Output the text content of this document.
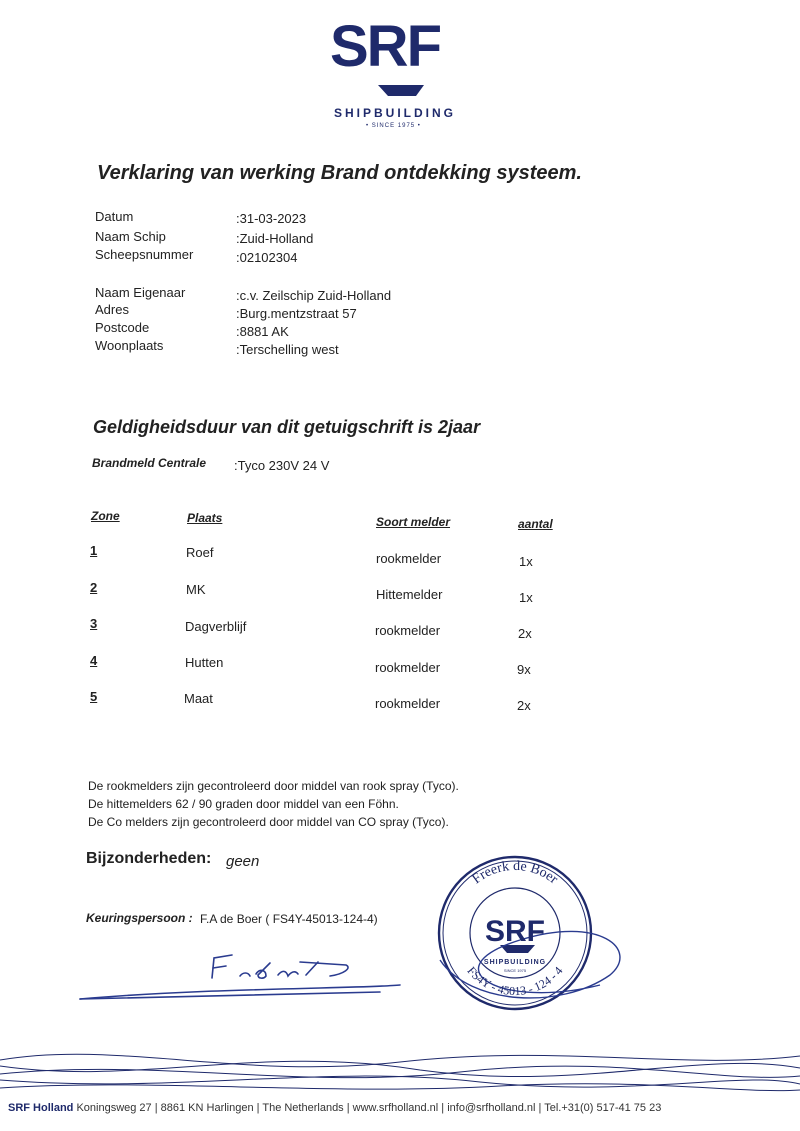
SRF
SHIPBUILDING
• SINCE 1975 •
Verklaring van werking Brand ontdekking systeem.
Datum	:31-03-2023
Naam Schip	:Zuid-Holland
Scheepsnummer	:02102304
Naam Eigenaar	:c.v. Zeilschip Zuid-Holland
Adres	:Burg.mentzstraat 57
Postcode	:8881 AK
Woonplaats	:Terschelling west
Geldigheidsduur van dit getuigschrift is 2jaar
Brandmeld Centrale :Tyco 230V 24 V
Zone	Plaats	Soort melder	aantal
1	Roef	rookmelder	1x
2	MK	Hittemelder	1x
3	Dagverblijf	rookmelder	2x
4	Hutten	rookmelder	9x
5	Maat	rookmelder	2x
De rookmelders zijn gecontroleerd door middel van rook spray (Tyco).
De hittemelders 62 / 90 graden door middel van een Föhn.
De Co melders zijn gecontroleerd door middel van CO spray (Tyco).
Bijzonderheden: geen
Keuringspersoon : F.A de Boer ( FS4Y-45013-124-4)
Freerk de Boer
FS4Y - 45013 - 124 - 4
SRF
SHIPBUILDING
SINCE 1975
SRF Holland Koningsweg 27 | 8861 KN Harlingen | The Netherlands | www.srfholland.nl | info@srfholland.nl | Tel.+31(0) 517-41 75 23
